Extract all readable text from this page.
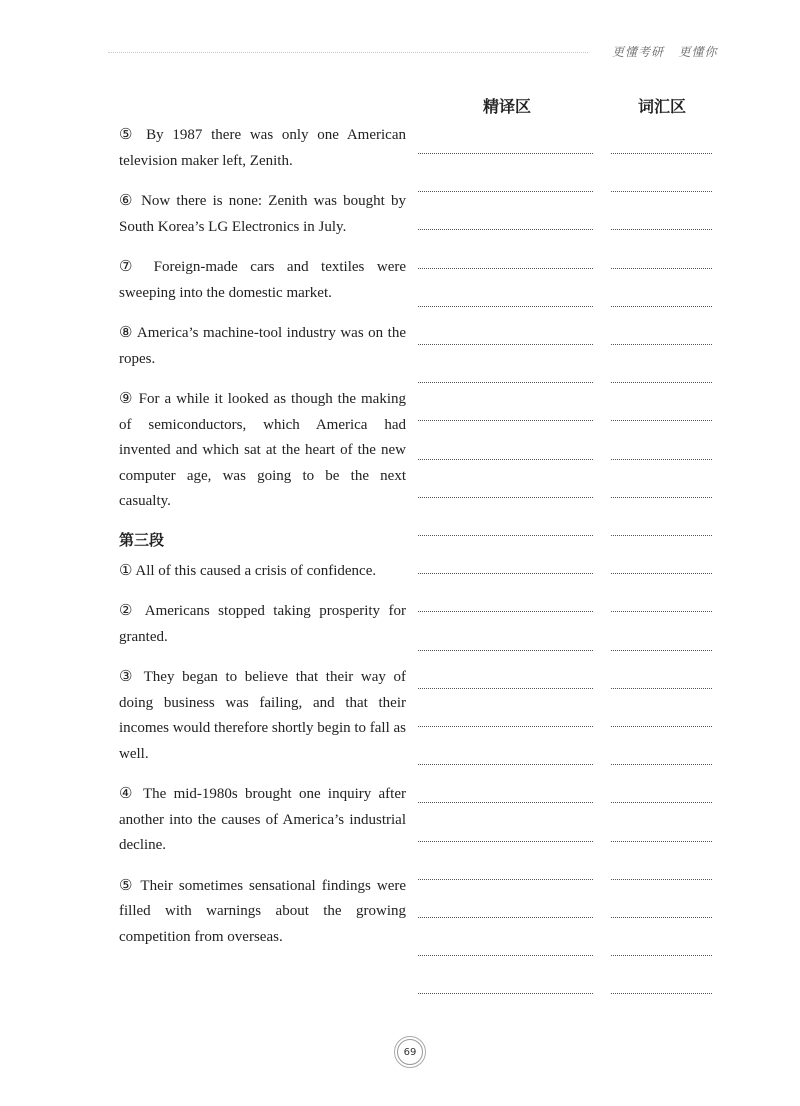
更懂考研   更懂你
精译区	词汇区

⑤ By 1987 there was only one American television maker left, Zenith.

⑥ Now there is none: Zenith was bought by South Korea’s LG Electronics in July.

⑦ Foreign-made cars and textiles were sweeping into the domestic market.

⑧ America’s machine-tool industry was on the ropes.

⑨ For a while it looked as though the making of semiconductors, which America had invented and which sat at the heart of the new computer age, was going to be the next casualty.

第三段

① All of this caused a crisis of confidence.

② Americans stopped taking prosperity for granted.

③ They began to believe that their way of doing business was failing, and that their incomes would therefore shortly begin to fall as well.

④ The mid-1980s brought one inquiry after another into the causes of America’s industrial decline.

⑤ Their sometimes sensational findings were filled with warnings about the growing competition from overseas.

69
